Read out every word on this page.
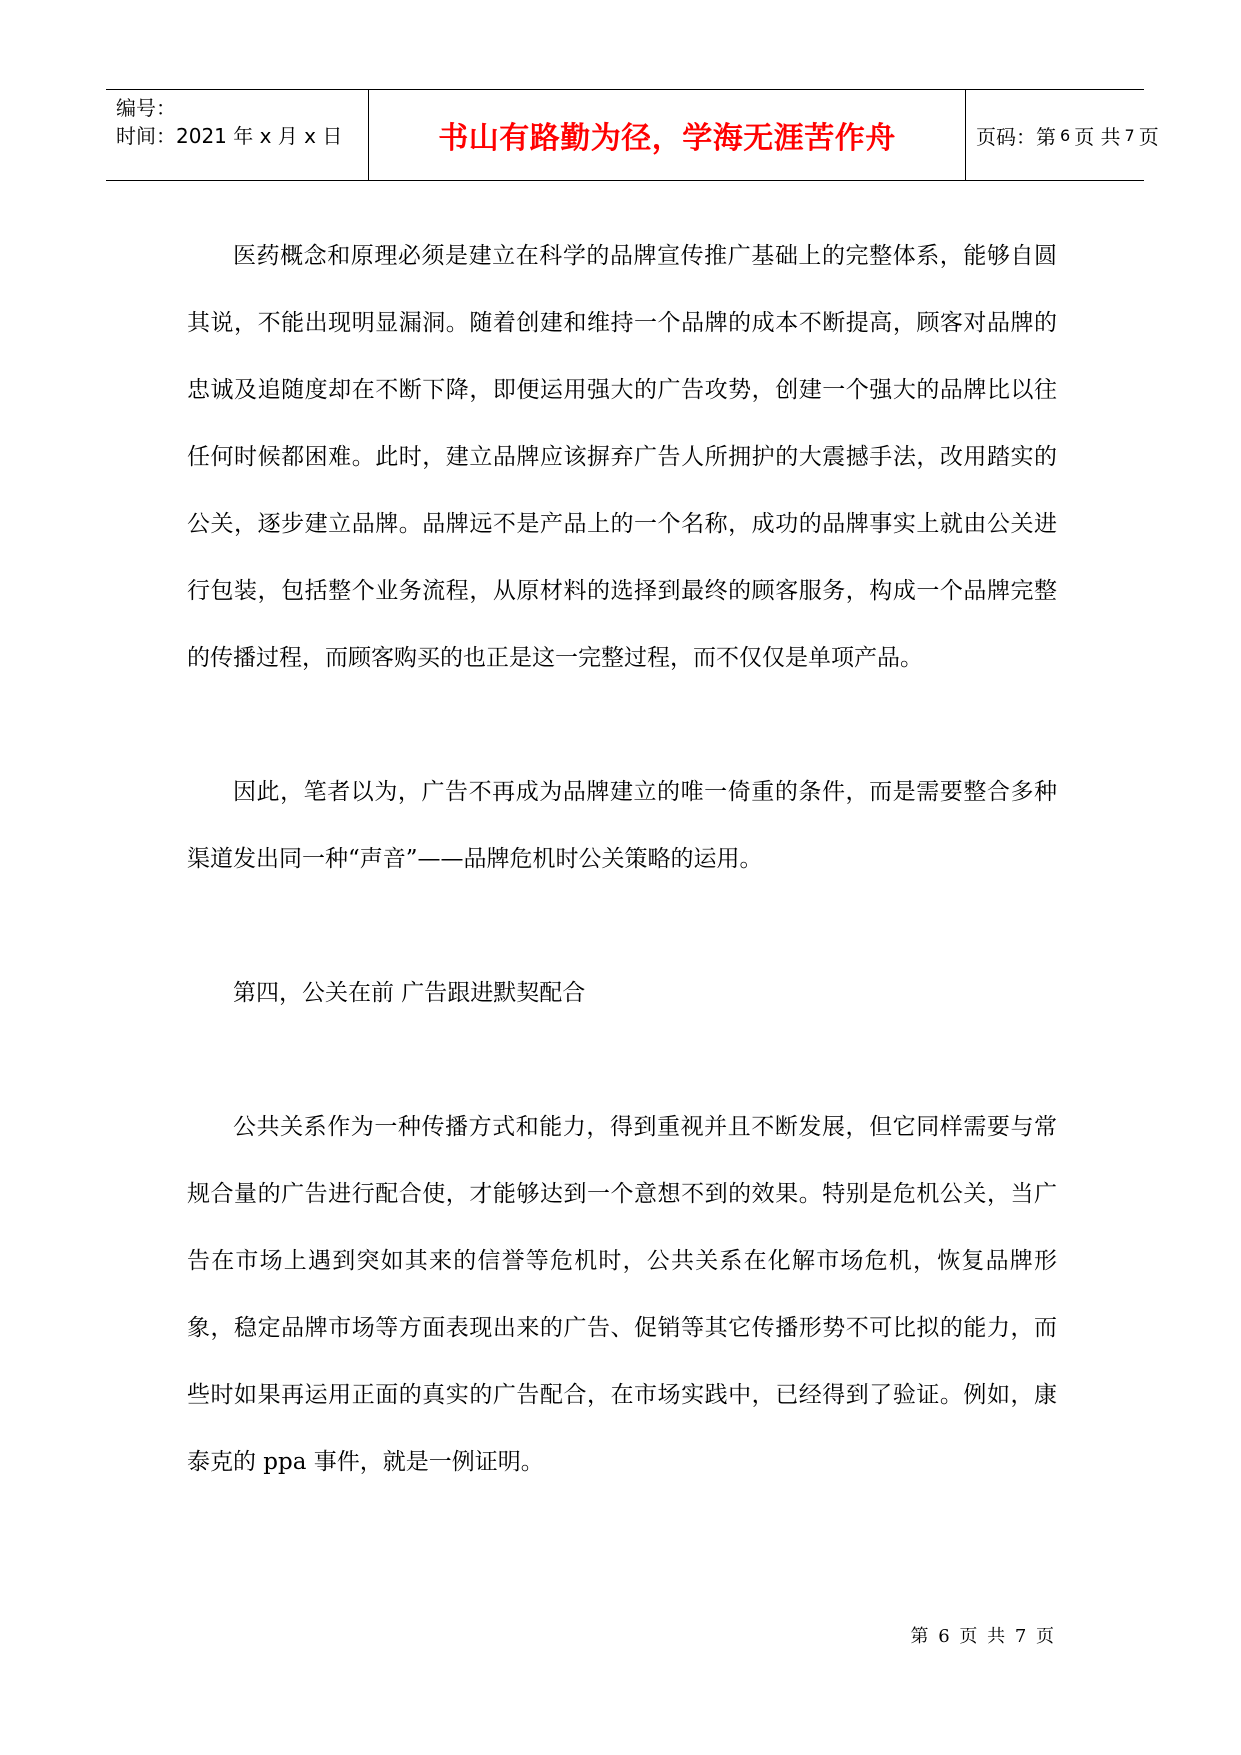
编号：
时间：2021 年 x 月 x 日	书山有路勤为径，学海无涯苦作舟	页码：第 6 页 共 7 页

医药概念和原理必须是建立在科学的品牌宣传推广基础上的完整体系，能够自圆其说，不能出现明显漏洞。随着创建和维持一个品牌的成本不断提高，顾客对品牌的忠诚及追随度却在不断下降，即便运用强大的广告攻势，创建一个强大的品牌比以往任何时候都困难。此时，建立品牌应该摒弃广告人所拥护的大震撼手法，改用踏实的公关，逐步建立品牌。品牌远不是产品上的一个名称，成功的品牌事实上就由公关进行包装，包括整个业务流程，从原材料的选择到最终的顾客服务，构成一个品牌完整的传播过程，而顾客购买的也正是这一完整过程，而不仅仅是单项产品。

因此，笔者以为，广告不再成为品牌建立的唯一倚重的条件，而是需要整合多种渠道发出同一种“声音”——品牌危机时公关策略的运用。

第四，公关在前 广告跟进默契配合

公共关系作为一种传播方式和能力，得到重视并且不断发展，但它同样需要与常规合量的广告进行配合使，才能够达到一个意想不到的效果。特别是危机公关，当广告在市场上遇到突如其来的信誉等危机时，公共关系在化解市场危机，恢复品牌形象，稳定品牌市场等方面表现出来的广告、促销等其它传播形势不可比拟的能力，而些时如果再运用正面的真实的广告配合，在市场实践中，已经得到了验证。例如，康泰克的 ppa 事件，就是一例证明。

第 6 页 共 7 页
